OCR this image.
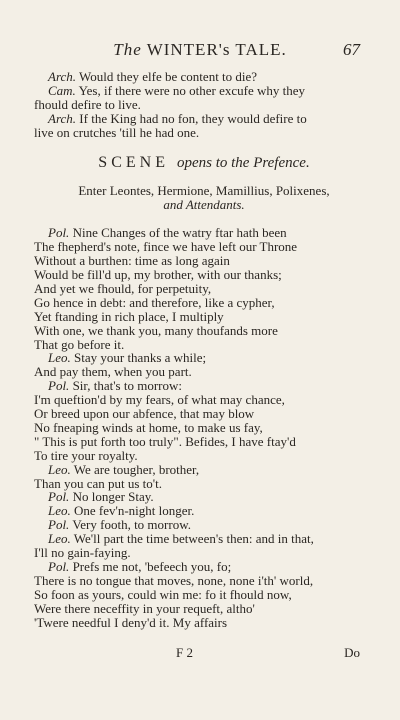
The WINTER's TALE.	67
Arch. Would they elfe be content to die?
Cam. Yes, if there were no other excufe why they
fhould defire to live.
Arch. If the King had no fon, they would defire to
live on crutches 'till he had one.
SCENE opens to the Prefence.
Enter Leontes, Hermione, Mamillius, Polixenes,
and Attendants.
Pol. Nine Changes of the watry ftar hath been
The fhepherd's note, fince we have left our Throne
Without a burthen: time as long again
Would be fill'd up, my brother, with our thanks;
And yet we fhould, for perpetuity,
Go hence in debt: and therefore, like a cypher,
Yet ftanding in rich place, I multiply
With one, we thank you, many thoufands more
That go before it.
Leo. Stay your thanks a while;
And pay them, when you part.
Pol. Sir, that's to morrow:
I'm queftion'd by my fears, of what may chance,
Or breed upon our abfence, that may blow
No fneaping winds at home, to make us fay,
" This is put forth too truly". Befides, I have ftay'd
To tire your royalty.
Leo. We are tougher, brother,
Than you can put us to't.
Pol. No longer Stay.
Leo. One fev'n-night longer.
Pol. Very footh, to morrow.
Leo. We'll part the time between's then: and in that,
I'll no gain-faying.
Pol. Prefs me not, 'befeech you, fo;
There is no tongue that moves, none, none i'th' world,
So foon as yours, could win me: fo it fhould now,
Were there neceffity in your requeft, altho'
'Twere needful I deny'd it. My affairs
F 2	Do
